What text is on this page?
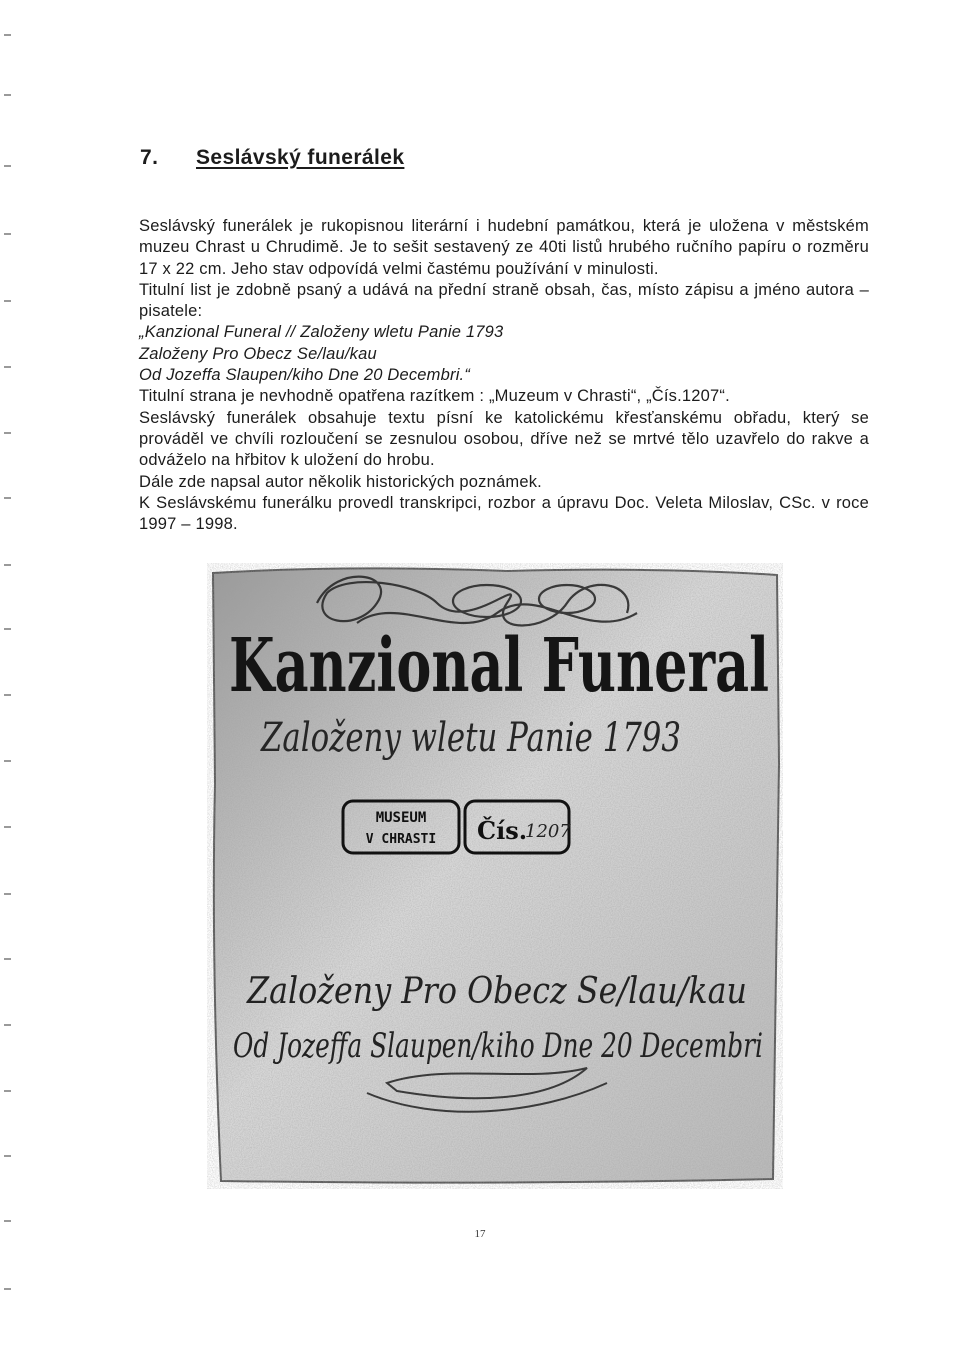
7. Seslávský funerálek

Seslávský funerálek je rukopisnou literární i hudební památkou, která je uložena v městském muzeu Chrast u Chrudimě. Je to sešit sestavený ze 40ti listů hrubého ručního papíru o rozměru 17 x 22 cm. Jeho stav odpovídá velmi častému používání v minulosti.

Titulní list je zdobně psaný a udává na přední straně obsah, čas, místo zápisu a jméno autora – pisatele:

„Kanzional Funeral // Založeny wletu Panie 1793

Založeny Pro Obecz Se/lau/kau

Od Jozeffa Slaupen/kiho Dne 20 Decembri.“

Titulní strana je nevhodně opatřena razítkem : „Muzeum v Chrasti“, „Čís.1207“.

Seslávský funerálek obsahuje textu písní ke katolickému křesťanskému obřadu, který se prováděl ve chvíli rozloučení se zesnulou osobou, dříve než se mrtvé tělo uzavřelo do rakve a odváželo na hřbitov k uložení do hrobu.

Dále zde napsal autor několik historických poznámek.

K Seslávskému funerálku provedl transkripci, rozbor a úpravu Doc. Veleta Miloslav, CSc. v roce 1997 – 1998.

Kanzional Funeral
Založeny wletu Panie 1793
MUSEUM
V CHRASTI Čís.
1207
Založeny Pro Obecz Se/lau/kau
Od Jozeffa Slaupen/kiho Dne 20 Decembri
17
